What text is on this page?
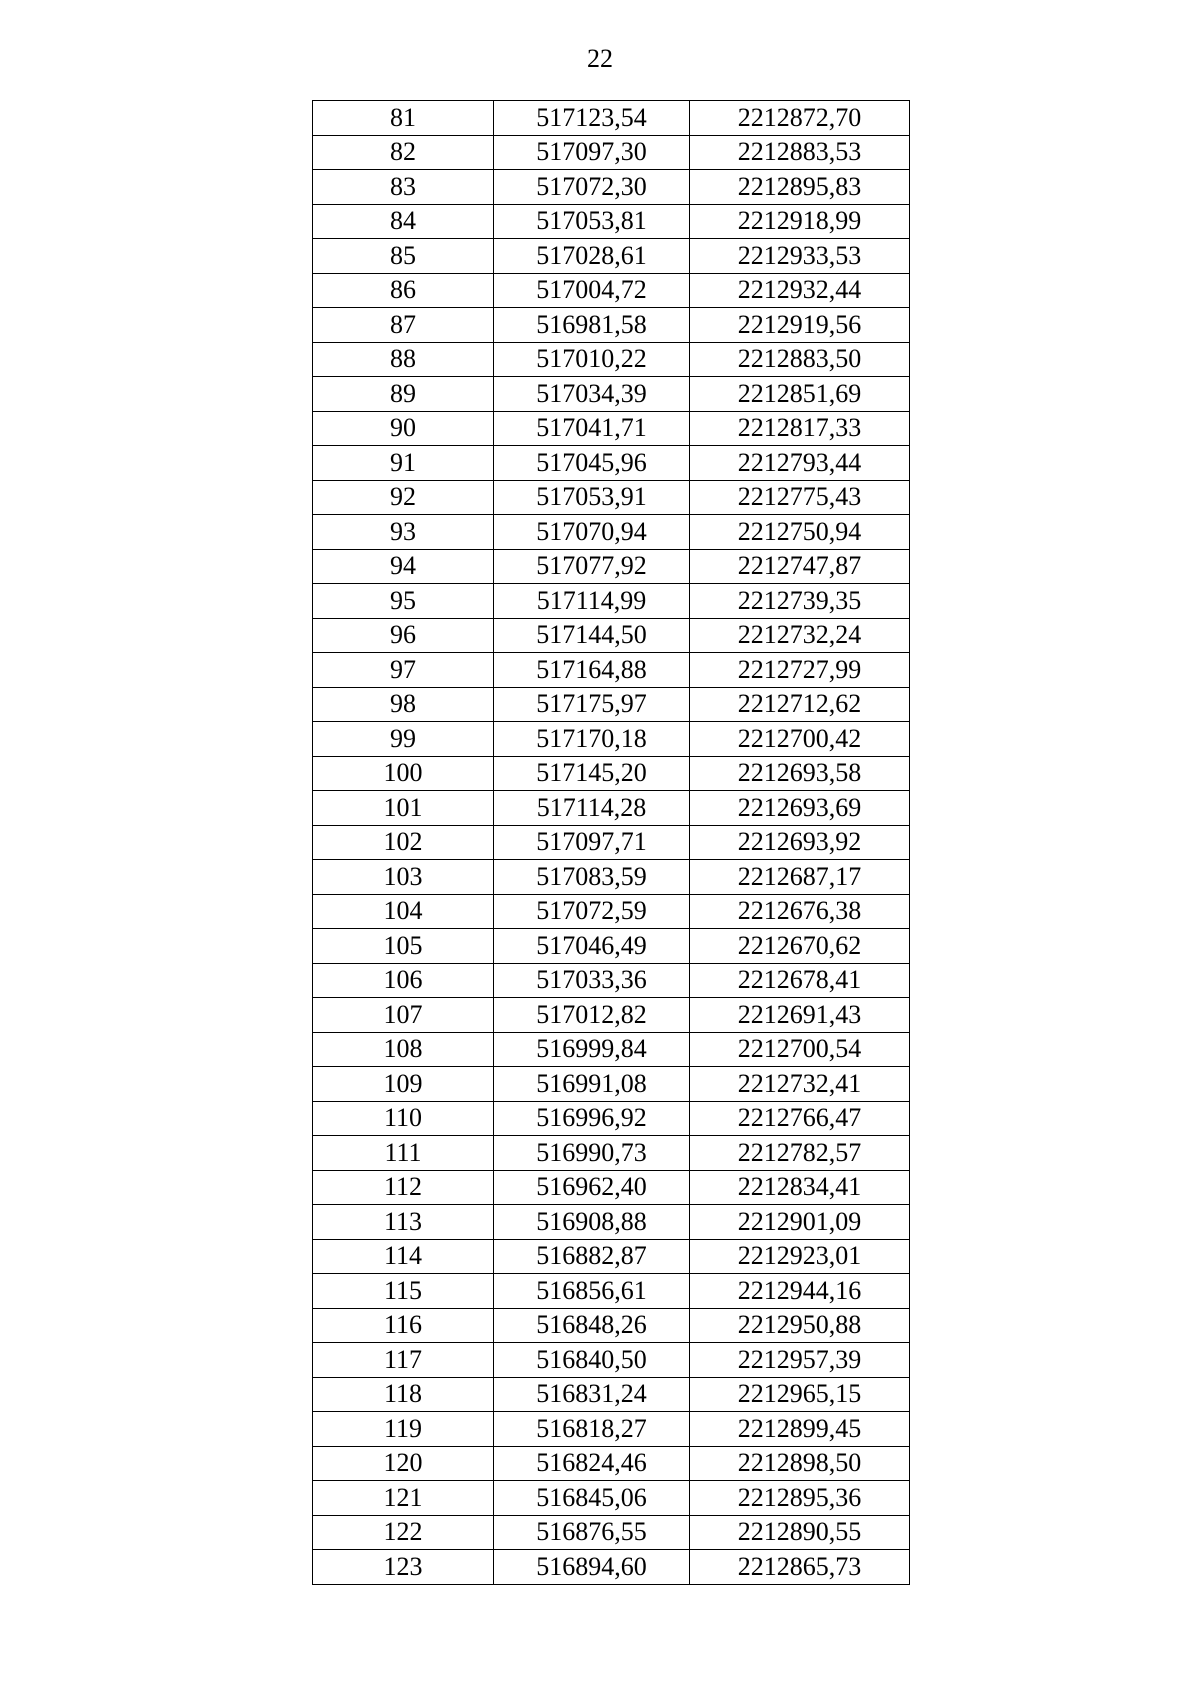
22
81	517123,54	2212872,70
82	517097,30	2212883,53
83	517072,30	2212895,83
84	517053,81	2212918,99
85	517028,61	2212933,53
86	517004,72	2212932,44
87	516981,58	2212919,56
88	517010,22	2212883,50
89	517034,39	2212851,69
90	517041,71	2212817,33
91	517045,96	2212793,44
92	517053,91	2212775,43
93	517070,94	2212750,94
94	517077,92	2212747,87
95	517114,99	2212739,35
96	517144,50	2212732,24
97	517164,88	2212727,99
98	517175,97	2212712,62
99	517170,18	2212700,42
100	517145,20	2212693,58
101	517114,28	2212693,69
102	517097,71	2212693,92
103	517083,59	2212687,17
104	517072,59	2212676,38
105	517046,49	2212670,62
106	517033,36	2212678,41
107	517012,82	2212691,43
108	516999,84	2212700,54
109	516991,08	2212732,41
110	516996,92	2212766,47
111	516990,73	2212782,57
112	516962,40	2212834,41
113	516908,88	2212901,09
114	516882,87	2212923,01
115	516856,61	2212944,16
116	516848,26	2212950,88
117	516840,50	2212957,39
118	516831,24	2212965,15
119	516818,27	2212899,45
120	516824,46	2212898,50
121	516845,06	2212895,36
122	516876,55	2212890,55
123	516894,60	2212865,73
